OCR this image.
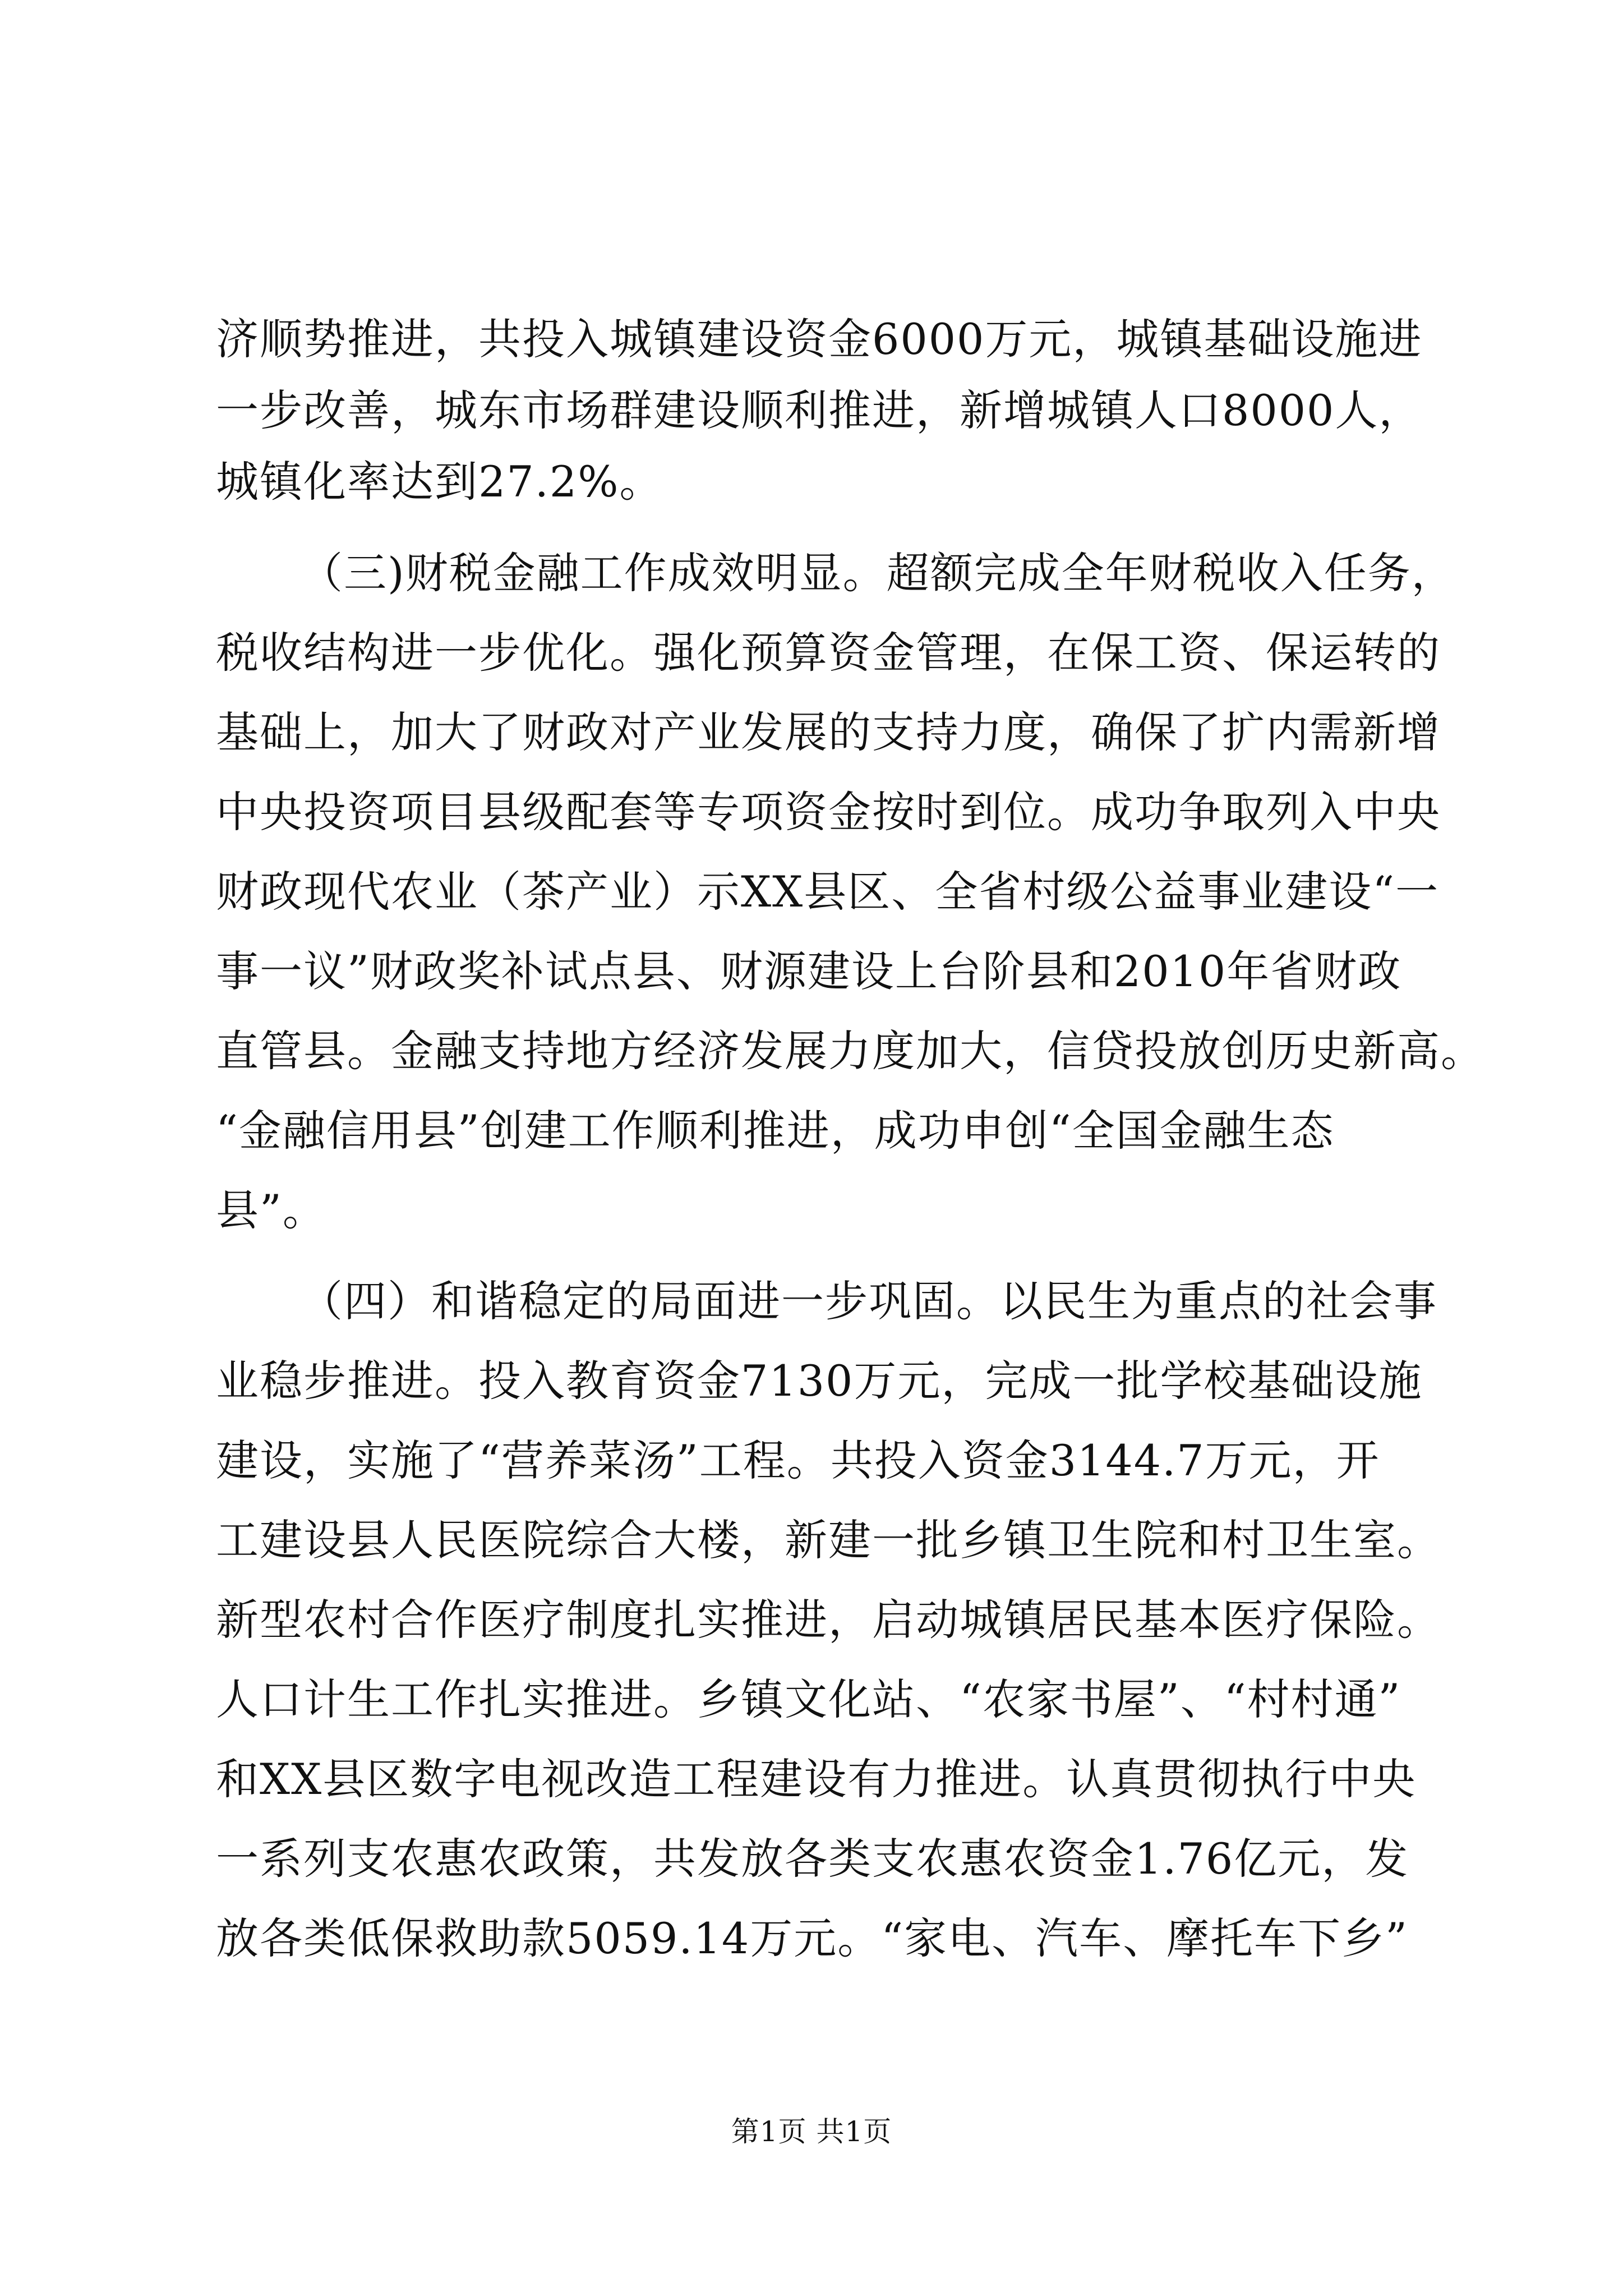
济顺势推进，共投入城镇建设资金6000万元，城镇基础设施进
一步改善，城东市场群建设顺利推进，新增城镇人口8000人，
城镇化率达到27.2%。
（三)财税金融工作成效明显。超额完成全年财税收入任务，
税收结构进一步优化。强化预算资金管理，在保工资、保运转的
基础上，加大了财政对产业发展的支持力度，确保了扩内需新增
中央投资项目县级配套等专项资金按时到位。成功争取列入中央
财政现代农业（茶产业）示XX县区、全省村级公益事业建设“一
事一议”财政奖补试点县、财源建设上台阶县和2010年省财政
直管县。金融支持地方经济发展力度加大，信贷投放创历史新高。
“金融信用县”创建工作顺利推进，成功申创“全国金融生态
县”。
（四）和谐稳定的局面进一步巩固。以民生为重点的社会事
业稳步推进。投入教育资金7130万元，完成一批学校基础设施
建设，实施了“营养菜汤”工程。共投入资金3144.7万元，开
工建设县人民医院综合大楼，新建一批乡镇卫生院和村卫生室。
新型农村合作医疗制度扎实推进，启动城镇居民基本医疗保险。
人口计生工作扎实推进。乡镇文化站、“农家书屋”、“村村通”
和XX县区数字电视改造工程建设有力推进。认真贯彻执行中央
一系列支农惠农政策，共发放各类支农惠农资金1.76亿元，发
放各类低保救助款5059.14万元。“家电、汽车、摩托车下乡”
第1页 共1页
